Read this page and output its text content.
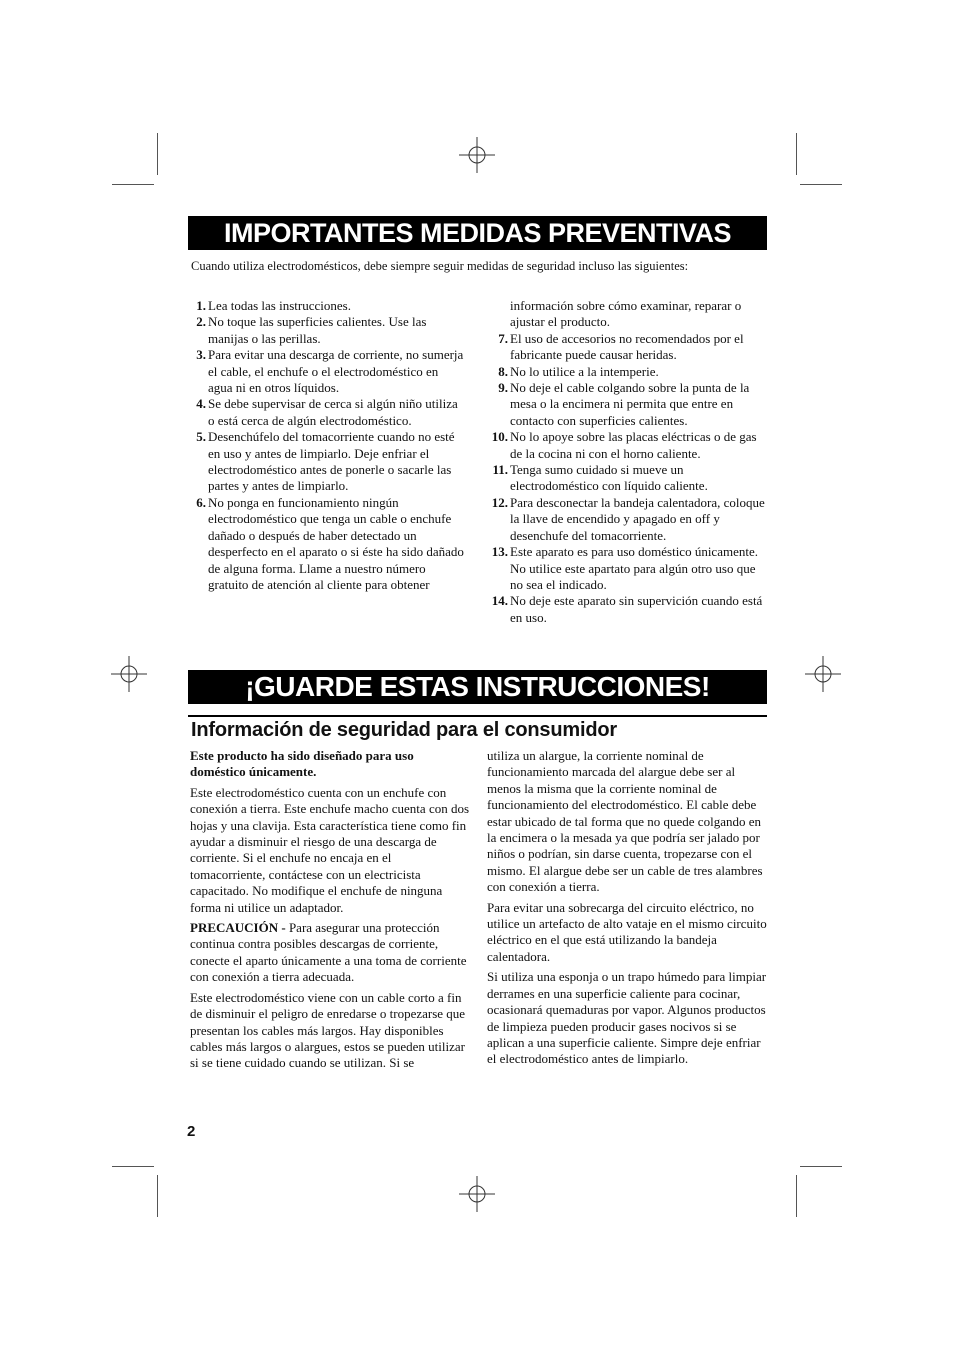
IMPORTANTES MEDIDAS PREVENTIVAS
Cuando utiliza electrodomésticos, debe siempre seguir medidas de seguridad incluso las siguientes:
1. Lea todas las instrucciones.
2. No toque las superficies calientes. Use las manijas o las perillas.
3. Para evitar una descarga de corriente, no sumerja el cable, el enchufe o el electrodoméstico en agua ni en otros líquidos.
4. Se debe supervisar de cerca si algún niño utiliza o está cerca de algún electrodoméstico.
5. Desenchúfelo del tomacorriente cuando no esté en uso y antes de limpiarlo. Deje enfriar el electrodoméstico antes de ponerle o sacarle las partes y antes de limpiarlo.
6. No ponga en funcionamiento ningún electrodoméstico que tenga un cable o enchufe dañado o después de haber detectado un desperfecto en el aparato o si éste ha sido dañado de alguna forma. Llame a nuestro número gratuito de atención al cliente para obtener
información sobre cómo examinar, reparar o ajustar el producto.
7. El uso de accesorios no recomendados por el fabricante puede causar heridas.
8. No lo utilice a la intemperie.
9. No deje el cable colgando sobre la punta de la mesa o la encimera ni permita que entre en contacto con superficies calientes.
10. No lo apoye sobre las placas eléctricas o de gas de la cocina ni con el horno caliente.
11. Tenga sumo cuidado si mueve un electrodoméstico con líquido caliente.
12. Para desconectar la bandeja calentadora, coloque la llave de encendido y apagado en off y desenchufe del tomacorriente.
13. Este aparato es para uso doméstico únicamente. No utilice este apartato para algún otro uso que no sea el indicado.
14. No deje este aparato sin supervición cuando está en uso.
¡GUARDE ESTAS INSTRUCCIONES!
Información de seguridad para el consumidor

Este producto ha sido diseñado para uso doméstico únicamente.

Este electrodoméstico cuenta con un enchufe con conexión a tierra. Este enchufe macho cuenta con dos hojas y una clavija. Esta característica tiene como fin ayudar a disminuir el riesgo de una descarga de corriente. Si el enchufe no encaja en el tomacorriente, contáctese con un electricista capacitado. No modifique el enchufe de ninguna forma ni utilice un adaptador.

PRECAUCIÓN - Para asegurar una protección continua contra posibles descargas de corriente, conecte el aparto únicamente a una toma de corriente con conexión a tierra adecuada.

Este electrodoméstico viene con un cable corto a fin de disminuir el peligro de enredarse o tropezarse que presentan los cables más largos. Hay disponibles cables más largos o alargues, estos se pueden utilizar si se tiene cuidado cuando se utilizan. Si se

utiliza un alargue, la corriente nominal de funcionamiento marcada del alargue debe ser al menos la misma que la corriente nominal de funcionamiento del electrodoméstico. El cable debe estar ubicado de tal forma que no quede colgando en la encimera o la mesada ya que podría ser jalado por niños o podrían, sin darse cuenta, tropezarse con el mismo. El alargue debe ser un cable de tres alambres con conexión a tierra.

Para evitar una sobrecarga del circuito eléctrico, no utilice un artefacto de alto vataje en el mismo circuito eléctrico en el que está utilizando la bandeja calentadora.

Si utiliza una esponja o un trapo húmedo para limpiar derrames en una superficie caliente para cocinar, ocasionará quemaduras por vapor. Algunos productos de limpieza pueden producir gases nocivos si se aplican a una superficie caliente. Simpre deje enfriar el electrodoméstico antes de limpiarlo.

2
